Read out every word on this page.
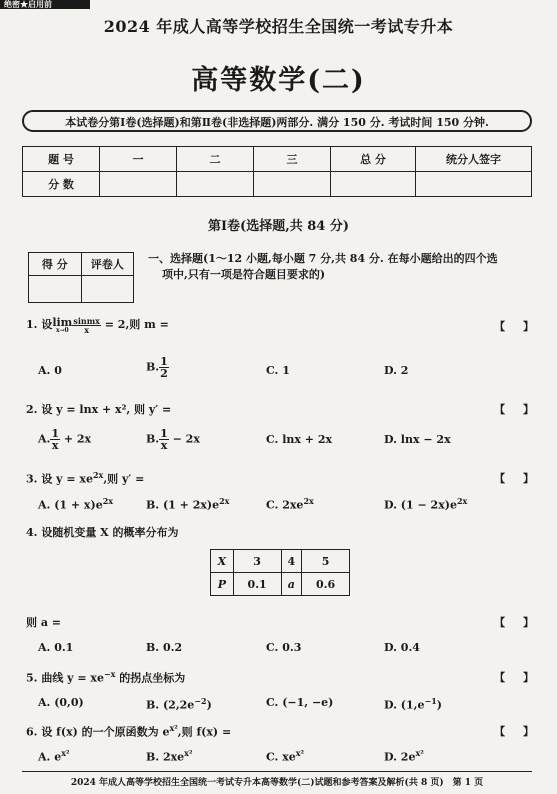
绝密★启用前
2024 年成人高等学校招生全国统一考试专升本
高等数学(二)
本试卷分第Ⅰ卷(选择题)和第Ⅱ卷(非选择题)两部分. 满分 150 分. 考试时间 150 分钟.
题 号	一	二	三	总 分	统分人签字
分 数					
第Ⅰ卷(选择题,共 84 分)
得 分	评卷人
	一、选择题(1～12 小题,每小题 7 分,共 84 分. 在每小题给出的四个选
项中,只有一项是符合题目要求的)
1. 设lim
$x\to 0 \frac{\text{sinmx}}{x} = 2$,则 m =	【 　】
A. 0	B. $\frac{1}{2}$	C. 1	D. 2
2. 设 y = lnx + x², 则 y′ =	【 　】
A. $\frac{1}{x} + 2x$	B. $\frac{1}{x} - 2x$	C. lnx + 2x	D. lnx − 2x
3. 设 $y = xe^{2x}$,则 y′ =	【 　】
A. $(1 + x)e^{2x}$	B. $(1 + 2x)e^{2x}$	C. $2xe^{2x}$	D. $(1 - 2x)e^{2x}$
4. 设随机变量 X 的概率分布为
X	3	4	5
P	0.1	a	0.6
则 a =	【 　】
A. 0.1	B. 0.2	C. 0.3	D. 0.4
5. 曲线 $y = xe^{-x}$ 的拐点坐标为	【 　】
A. (0,0)	B. $(2,2e^{-2})$	C. (−1, −e)	D. $(1,e^{-1})$
6. 设 f(x) 的一个原函数为 $e^{x^2}$,则 f(x) =	【 　】
A. $e^{x^2}$	B. $2xe^{x^2}$	C. $xe^{x^2}$	D. $2e^{x^2}$
2024 年成人高等学校招生全国统一考试专升本高等数学(二)试题和参考答案及解析(共 8 页)　第 1 页
